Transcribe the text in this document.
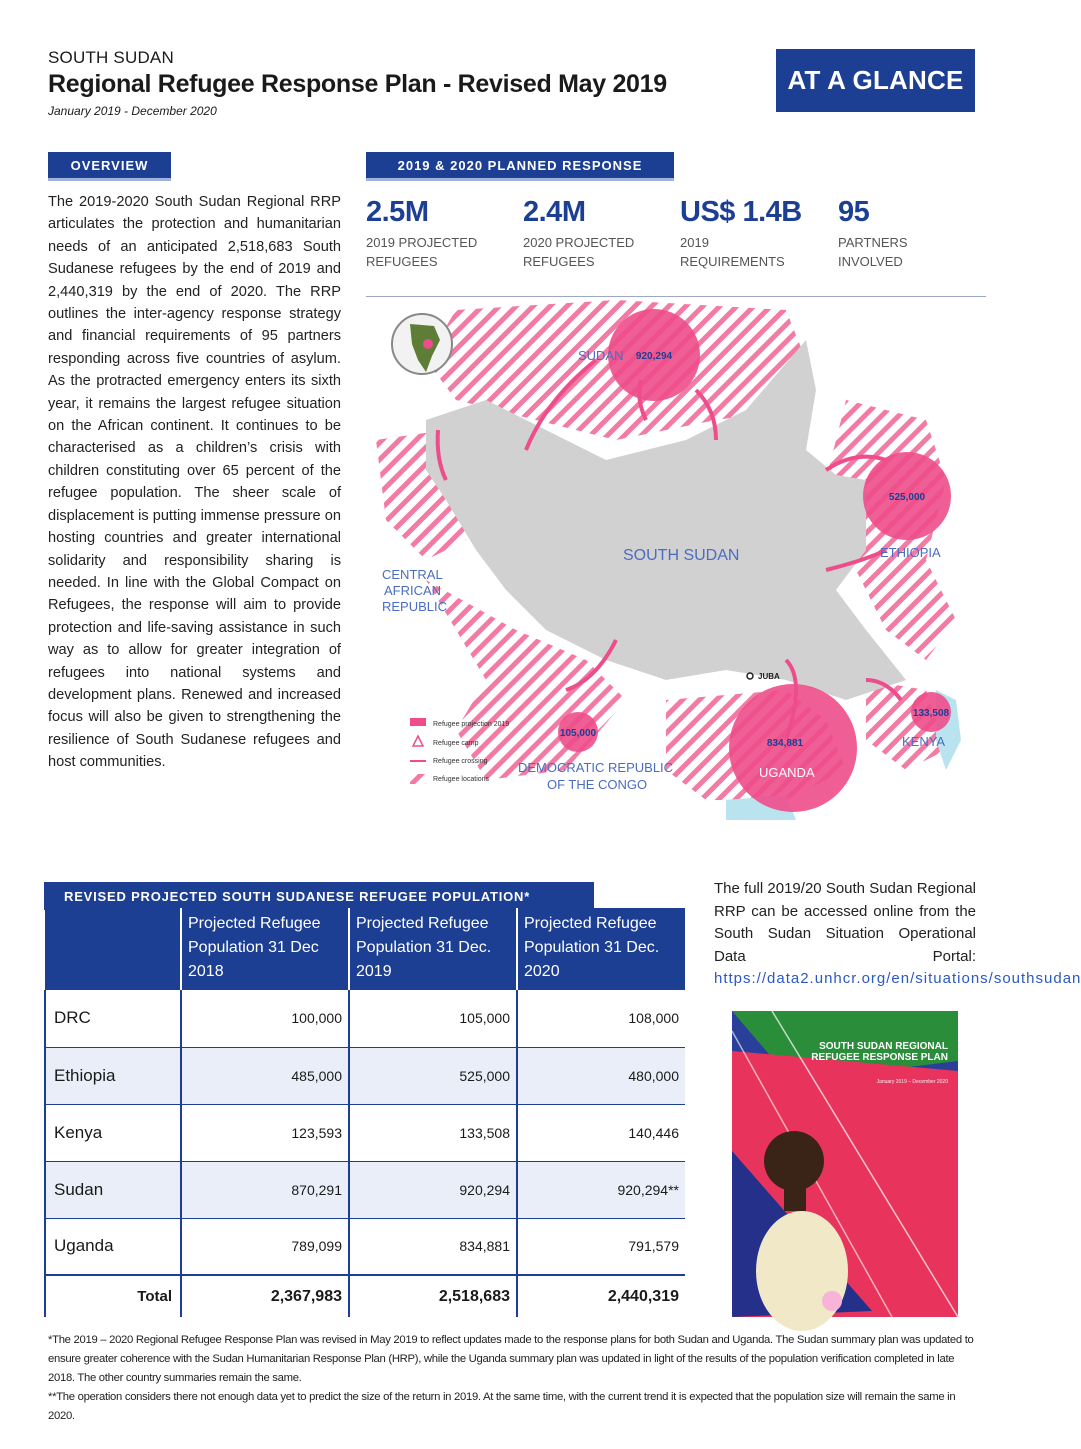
SOUTH SUDAN
Regional Refugee Response Plan - Revised May 2019
January 2019 - December 2020
AT A GLANCE
OVERVIEW
The 2019-2020 South Sudan Regional RRP articulates the protection and humanitarian needs of an anticipated 2,518,683 South Sudanese refugees by the end of 2019 and 2,440,319 by the end of 2020. The RRP outlines the inter-agency response strategy and financial requirements of 95 partners responding across five countries of asylum. As the protracted emergency enters its sixth year, it remains the largest refugee situation on the African continent. It continues to be characterised as a children’s crisis with children constituting over 65 percent of the refugee population. The sheer scale of displacement is putting immense pressure on hosting countries and greater international solidarity and responsibility sharing is needed. In line with the Global Compact on Refugees, the response will aim to provide protection and life-saving assistance in such way as to allow for greater integration of refugees into national systems and development plans. Renewed and increased focus will also be given to strengthening the resilience of South Sudanese refugees and host communities.
2019 & 2020 PLANNED RESPONSE
2.5M
2019 PROJECTED REFUGEES
2.4M
2020 PROJECTED REFUGEES
US$ 1.4B
2019 REQUIREMENTS
95
PARTNERS INVOLVED
920,294
525,000
133,508
105,000
834,881
SUDAN
SOUTH SUDAN
CENTRAL
AFRICAN
REPUBLIC
ETHIOPIA
DEMOCRATIC REPUBLIC
OF THE CONGO
UGANDA
KENYA
JUBA
Refugee projection 2019
Refugee camp
Refugee crossing
Refugee locations
REVISED PROJECTED SOUTH SUDANESE REFUGEE POPULATION*
	Projected Refugee Population 31 Dec 2018	Projected Refugee Population 31 Dec. 2019	Projected Refugee Population 31 Dec. 2020
DRC	100,000	105,000	108,000
Ethiopia	485,000	525,000	480,000
Kenya	123,593	133,508	140,446
Sudan	870,291	920,294	920,294**
Uganda	789,099	834,881	791,579
Total	2,367,983	2,518,683	2,440,319
The full 2019/20 South Sudan Regional RRP can be accessed online from the South Sudan Situation Operational Data Portal: https://data2.unhcr.org/en/situations/southsudan
SOUTH SUDAN REGIONAL REFUGEE RESPONSE PLAN
January 2019 – December 2020
*The 2019 – 2020 Regional Refugee Response Plan was revised in May 2019 to reflect updates made to the response plans for both Sudan and Uganda. The Sudan summary plan was updated to ensure greater coherence with the Sudan Humanitarian Response Plan (HRP), while the Uganda summary plan was updated in light of the results of the population verification completed in late 2018. The other country summaries remain the same.
**The operation considers there not enough data yet to predict the size of the return in 2019. At the same time, with the current trend it is expected that the population size will remain the same in 2020.
